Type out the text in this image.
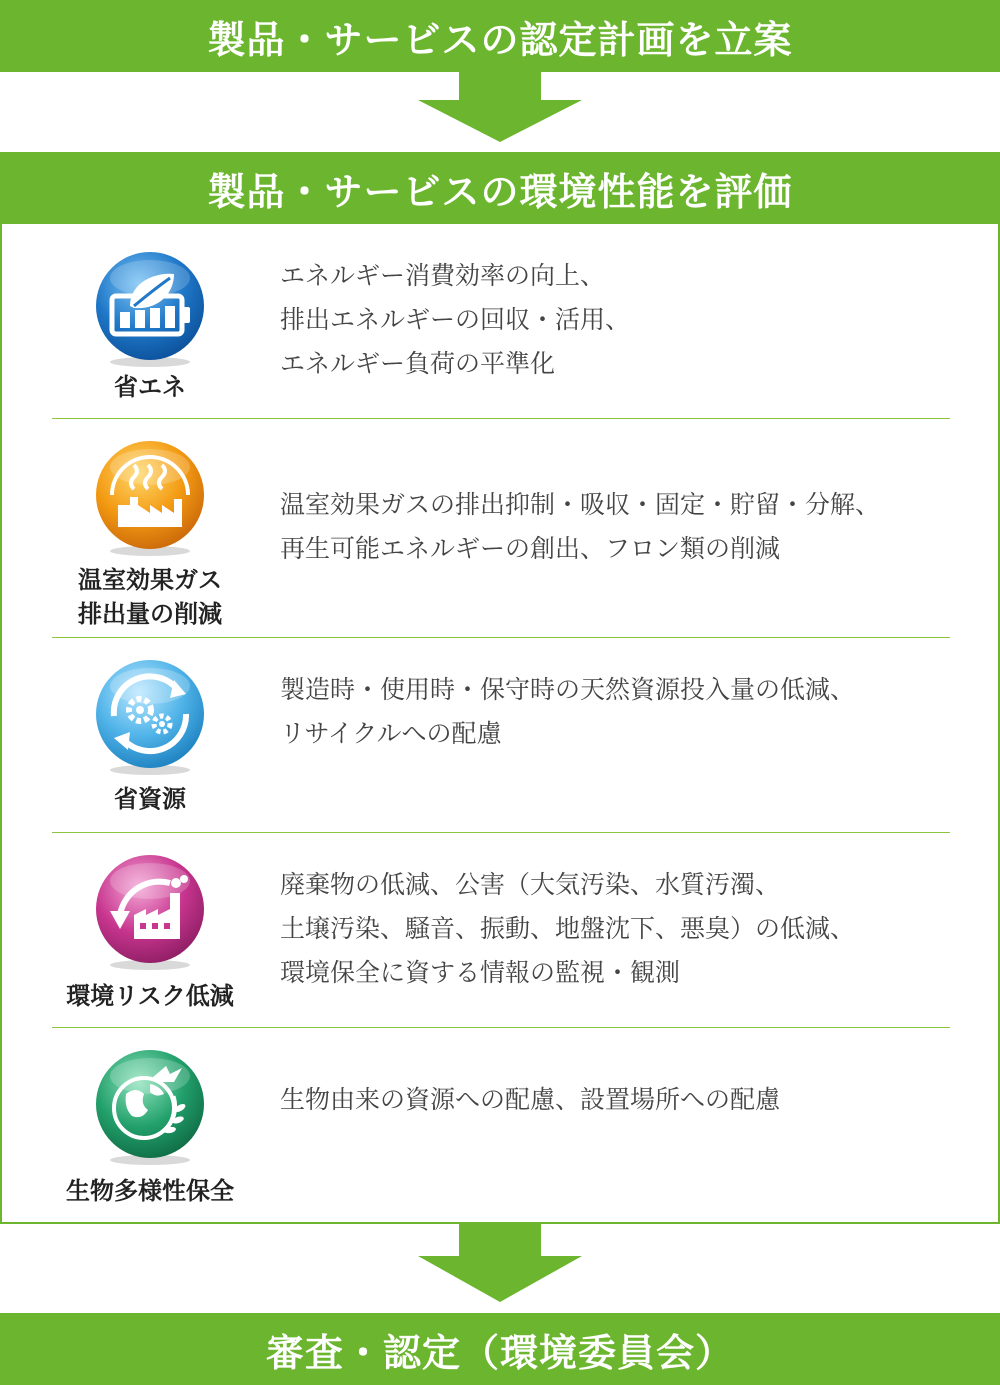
製品・サービスの認定計画を立案
製品・サービスの環境性能を評価
省エネ
エネルギー消費効率の向上、
排出エネルギーの回収・活用、
エネルギー負荷の平準化
温室効果ガス
排出量の削減
温室効果ガスの排出抑制・吸収・固定・貯留・分解、
再生可能エネルギーの創出、フロン類の削減
省資源
製造時・使用時・保守時の天然資源投入量の低減、
リサイクルへの配慮
環境リスク低減
廃棄物の低減、公害（大気汚染、水質汚濁、
土壌汚染、騒音、振動、地盤沈下、悪臭）の低減、
環境保全に資する情報の監視・観測
生物多様性保全
生物由来の資源への配慮、設置場所への配慮
審査・認定（環境委員会）
